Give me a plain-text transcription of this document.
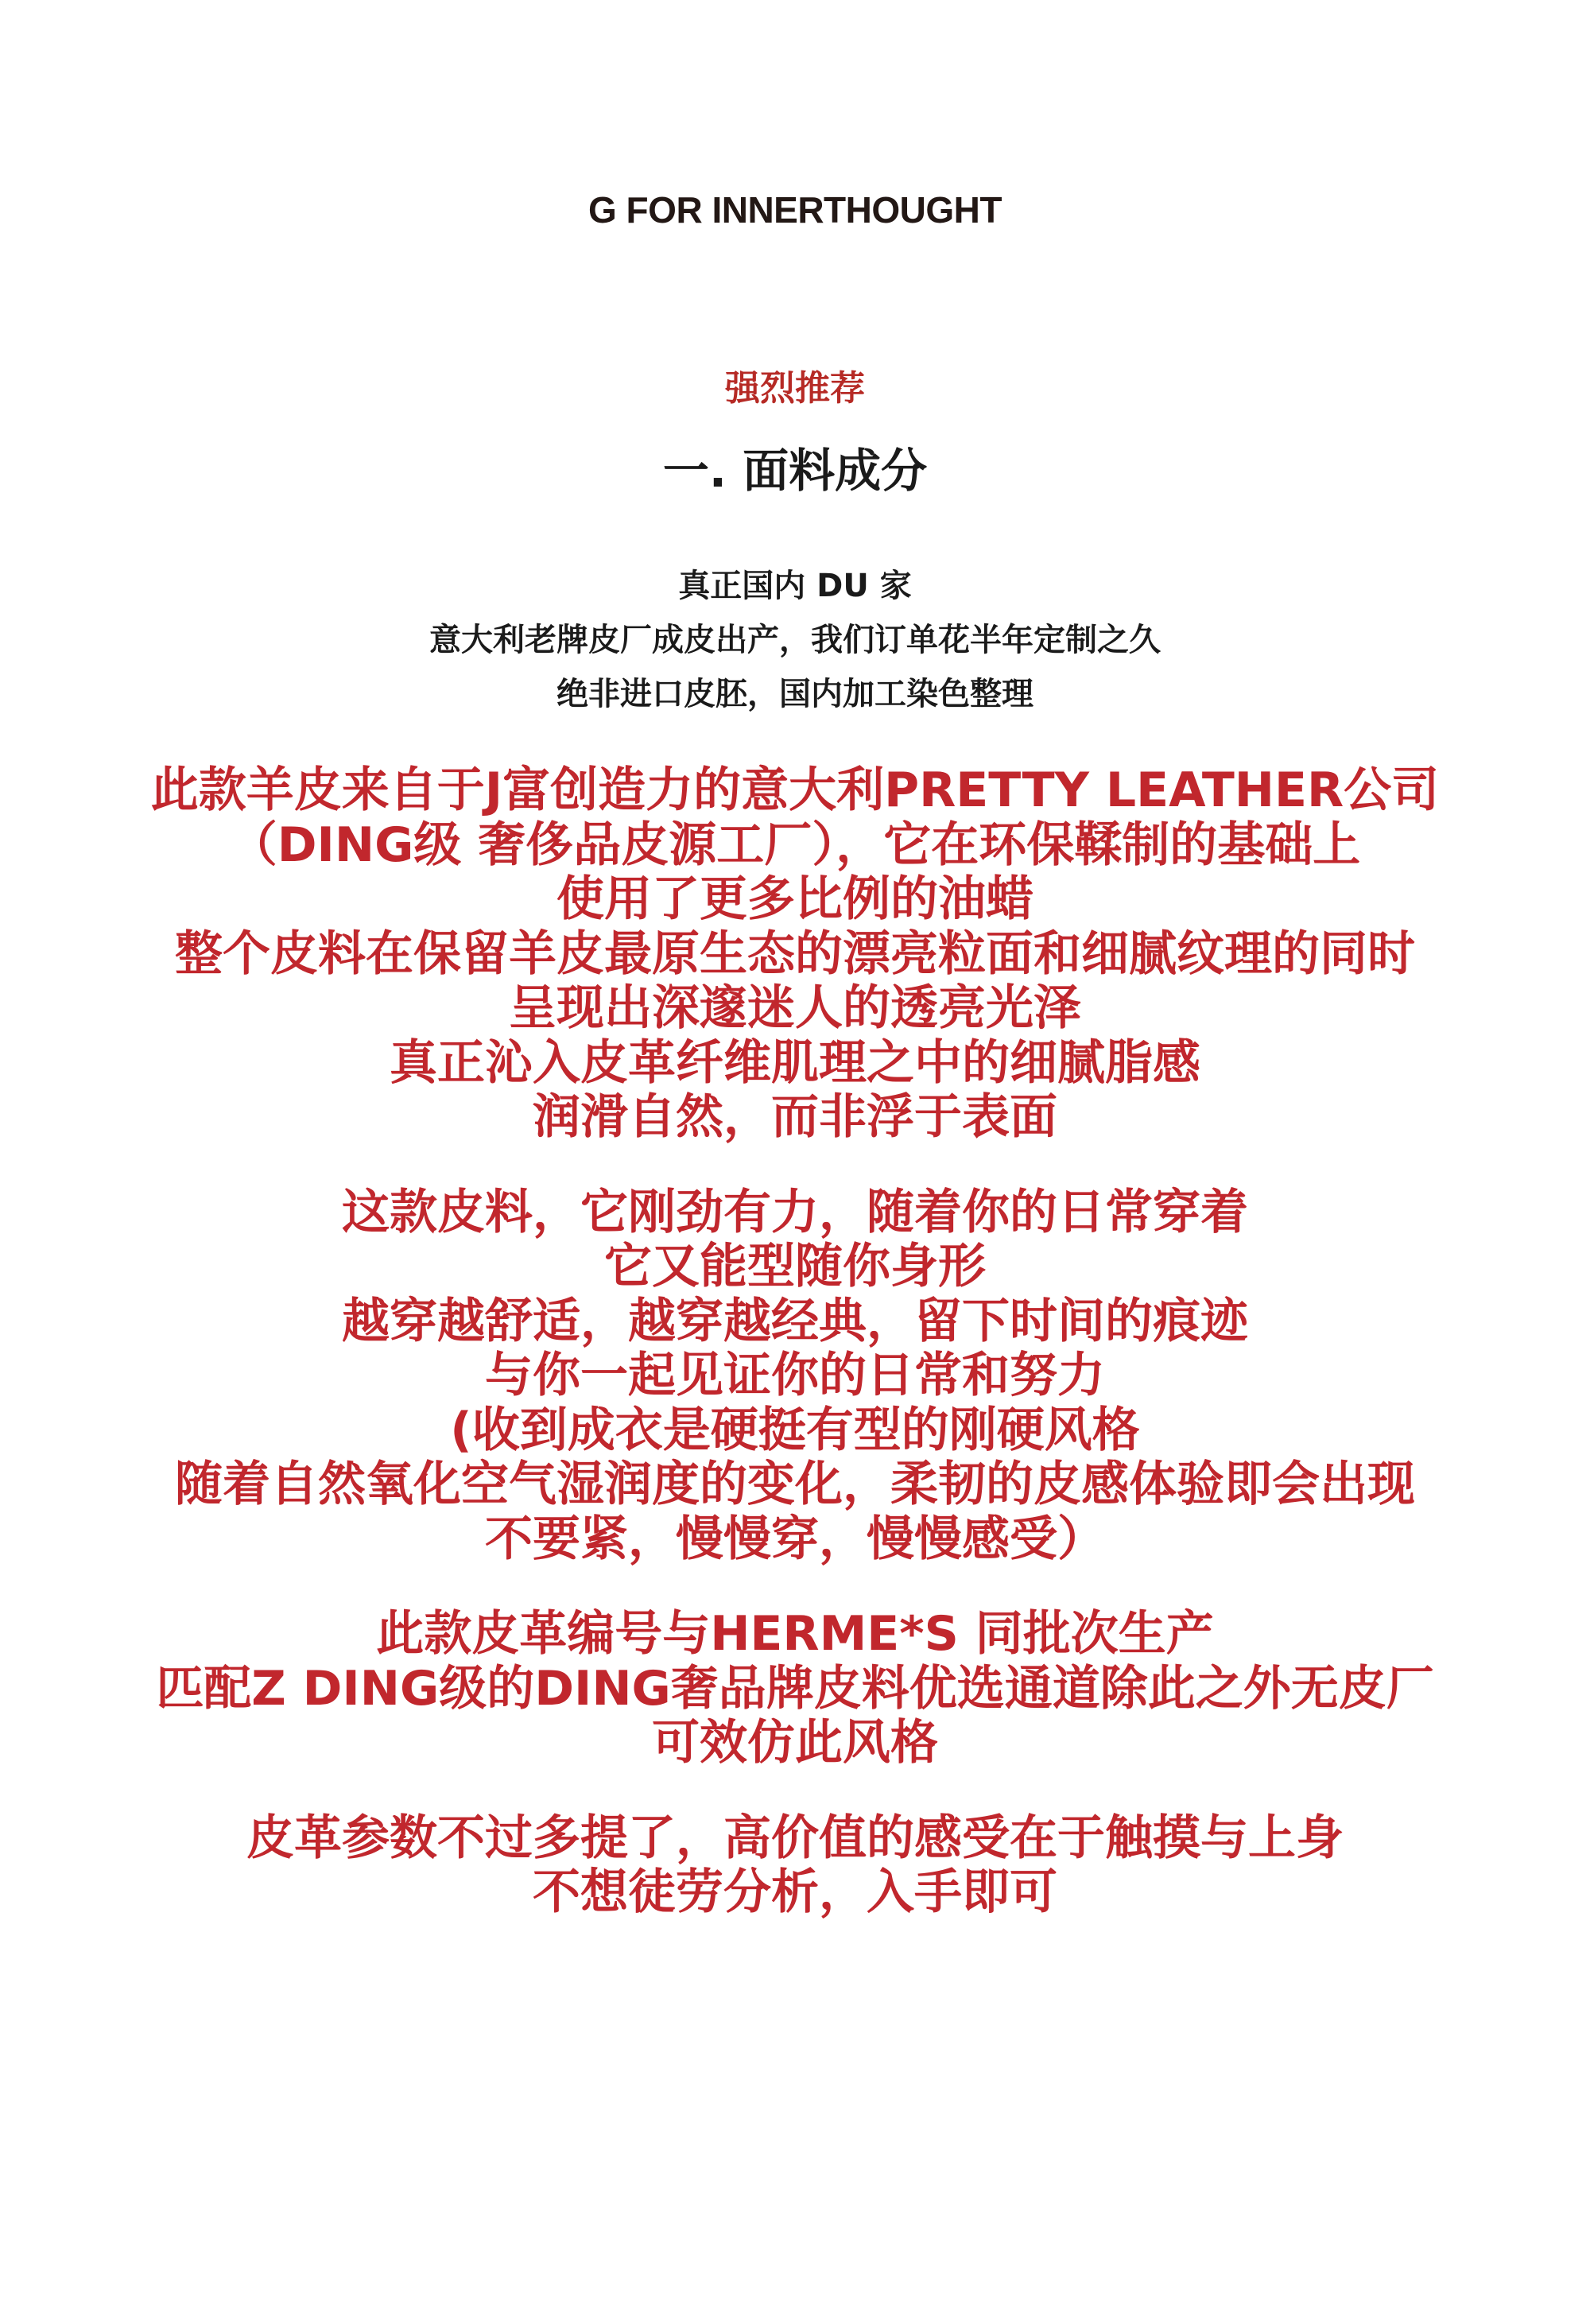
G FOR INNERTHOUGHT
强烈推荐
一. 面料成分
真正国内 DU 家
意大利老牌皮厂成皮出产，我们订单花半年定制之久
绝非进口皮胚，国内加工染色整理
此款羊皮来自于J富创造力的意大利PRETTY LEATHER公司
（DING级 奢侈品皮源工厂），它在环保鞣制的基础上
使用了更多比例的油蜡
整个皮料在保留羊皮最原生态的漂亮粒面和细腻纹理的同时
呈现出深邃迷人的透亮光泽
真正沁入皮革纤维肌理之中的细腻脂感
润滑自然，而非浮于表面
这款皮料，它刚劲有力，随着你的日常穿着
它又能型随你身形
越穿越舒适，越穿越经典，留下时间的痕迹
与你一起见证你的日常和努力
(收到成衣是硬挺有型的刚硬风格
随着自然氧化空气湿润度的变化，柔韧的皮感体验即会出现
不要紧，慢慢穿，慢慢感受）
此款皮革编号与HERME*S 同批次生产
匹配Z DING级的DING奢品牌皮料优选通道除此之外无皮厂
可效仿此风格
皮革参数不过多提了，高价值的感受在于触摸与上身
不想徒劳分析，入手即可
